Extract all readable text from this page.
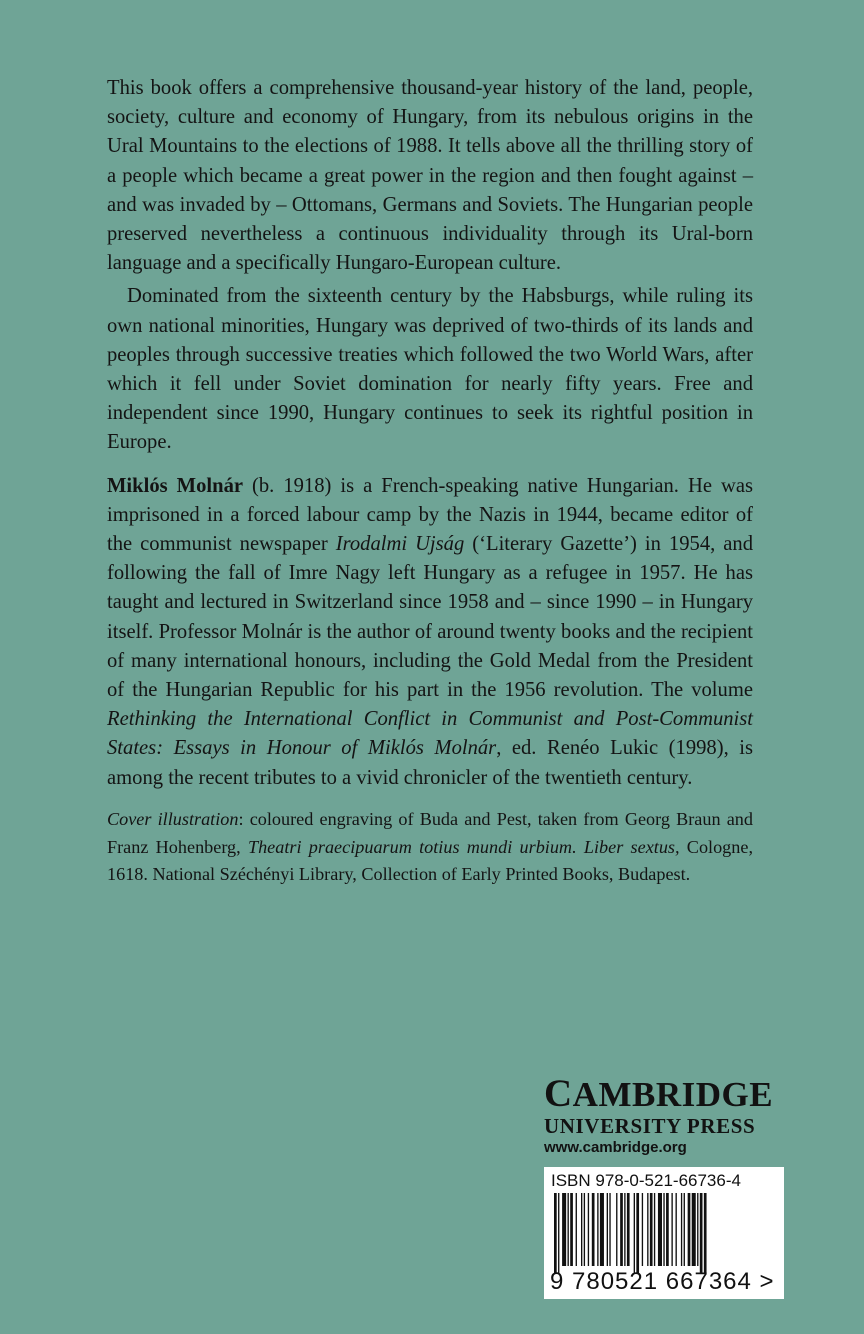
This book offers a comprehensive thousand-year history of the land, people, society, culture and economy of Hungary, from its nebulous origins in the Ural Mountains to the elections of 1988. It tells above all the thrilling story of a people which became a great power in the region and then fought against – and was invaded by – Ottomans, Germans and Soviets. The Hungarian people preserved nevertheless a continuous individuality through its Ural-born language and a specifically Hungaro-European culture.

Dominated from the sixteenth century by the Habsburgs, while ruling its own national minorities, Hungary was deprived of two-thirds of its lands and peoples through successive treaties which followed the two World Wars, after which it fell under Soviet domination for nearly fifty years. Free and independent since 1990, Hungary continues to seek its rightful position in Europe.

Miklós Molnár (b. 1918) is a French-speaking native Hungarian. He was imprisoned in a forced labour camp by the Nazis in 1944, became editor of the communist newspaper Irodalmi Ujság (‘Literary Gazette’) in 1954, and following the fall of Imre Nagy left Hungary as a refugee in 1957. He has taught and lectured in Switzerland since 1958 and – since 1990 – in Hungary itself. Professor Molnár is the author of around twenty books and the recipient of many international honours, including the Gold Medal from the President of the Hungarian Republic for his part in the 1956 revolution. The volume Rethinking the International Conflict in Communist and Post-Communist States: Essays in Honour of Miklós Molnár, ed. Renéo Lukic (1998), is among the recent tributes to a vivid chronicler of the twentieth century.

Cover illustration: coloured engraving of Buda and Pest, taken from Georg Braun and Franz Hohenberg, Theatri praecipuarum totius mundi urbium. Liber sextus, Cologne, 1618. National Széchényi Library, Collection of Early Printed Books, Budapest.

CAMBRIDGE
UNIVERSITY PRESS
www.cambridge.org
ISBN 978-0-521-66736-4
9 780521 667364 >
